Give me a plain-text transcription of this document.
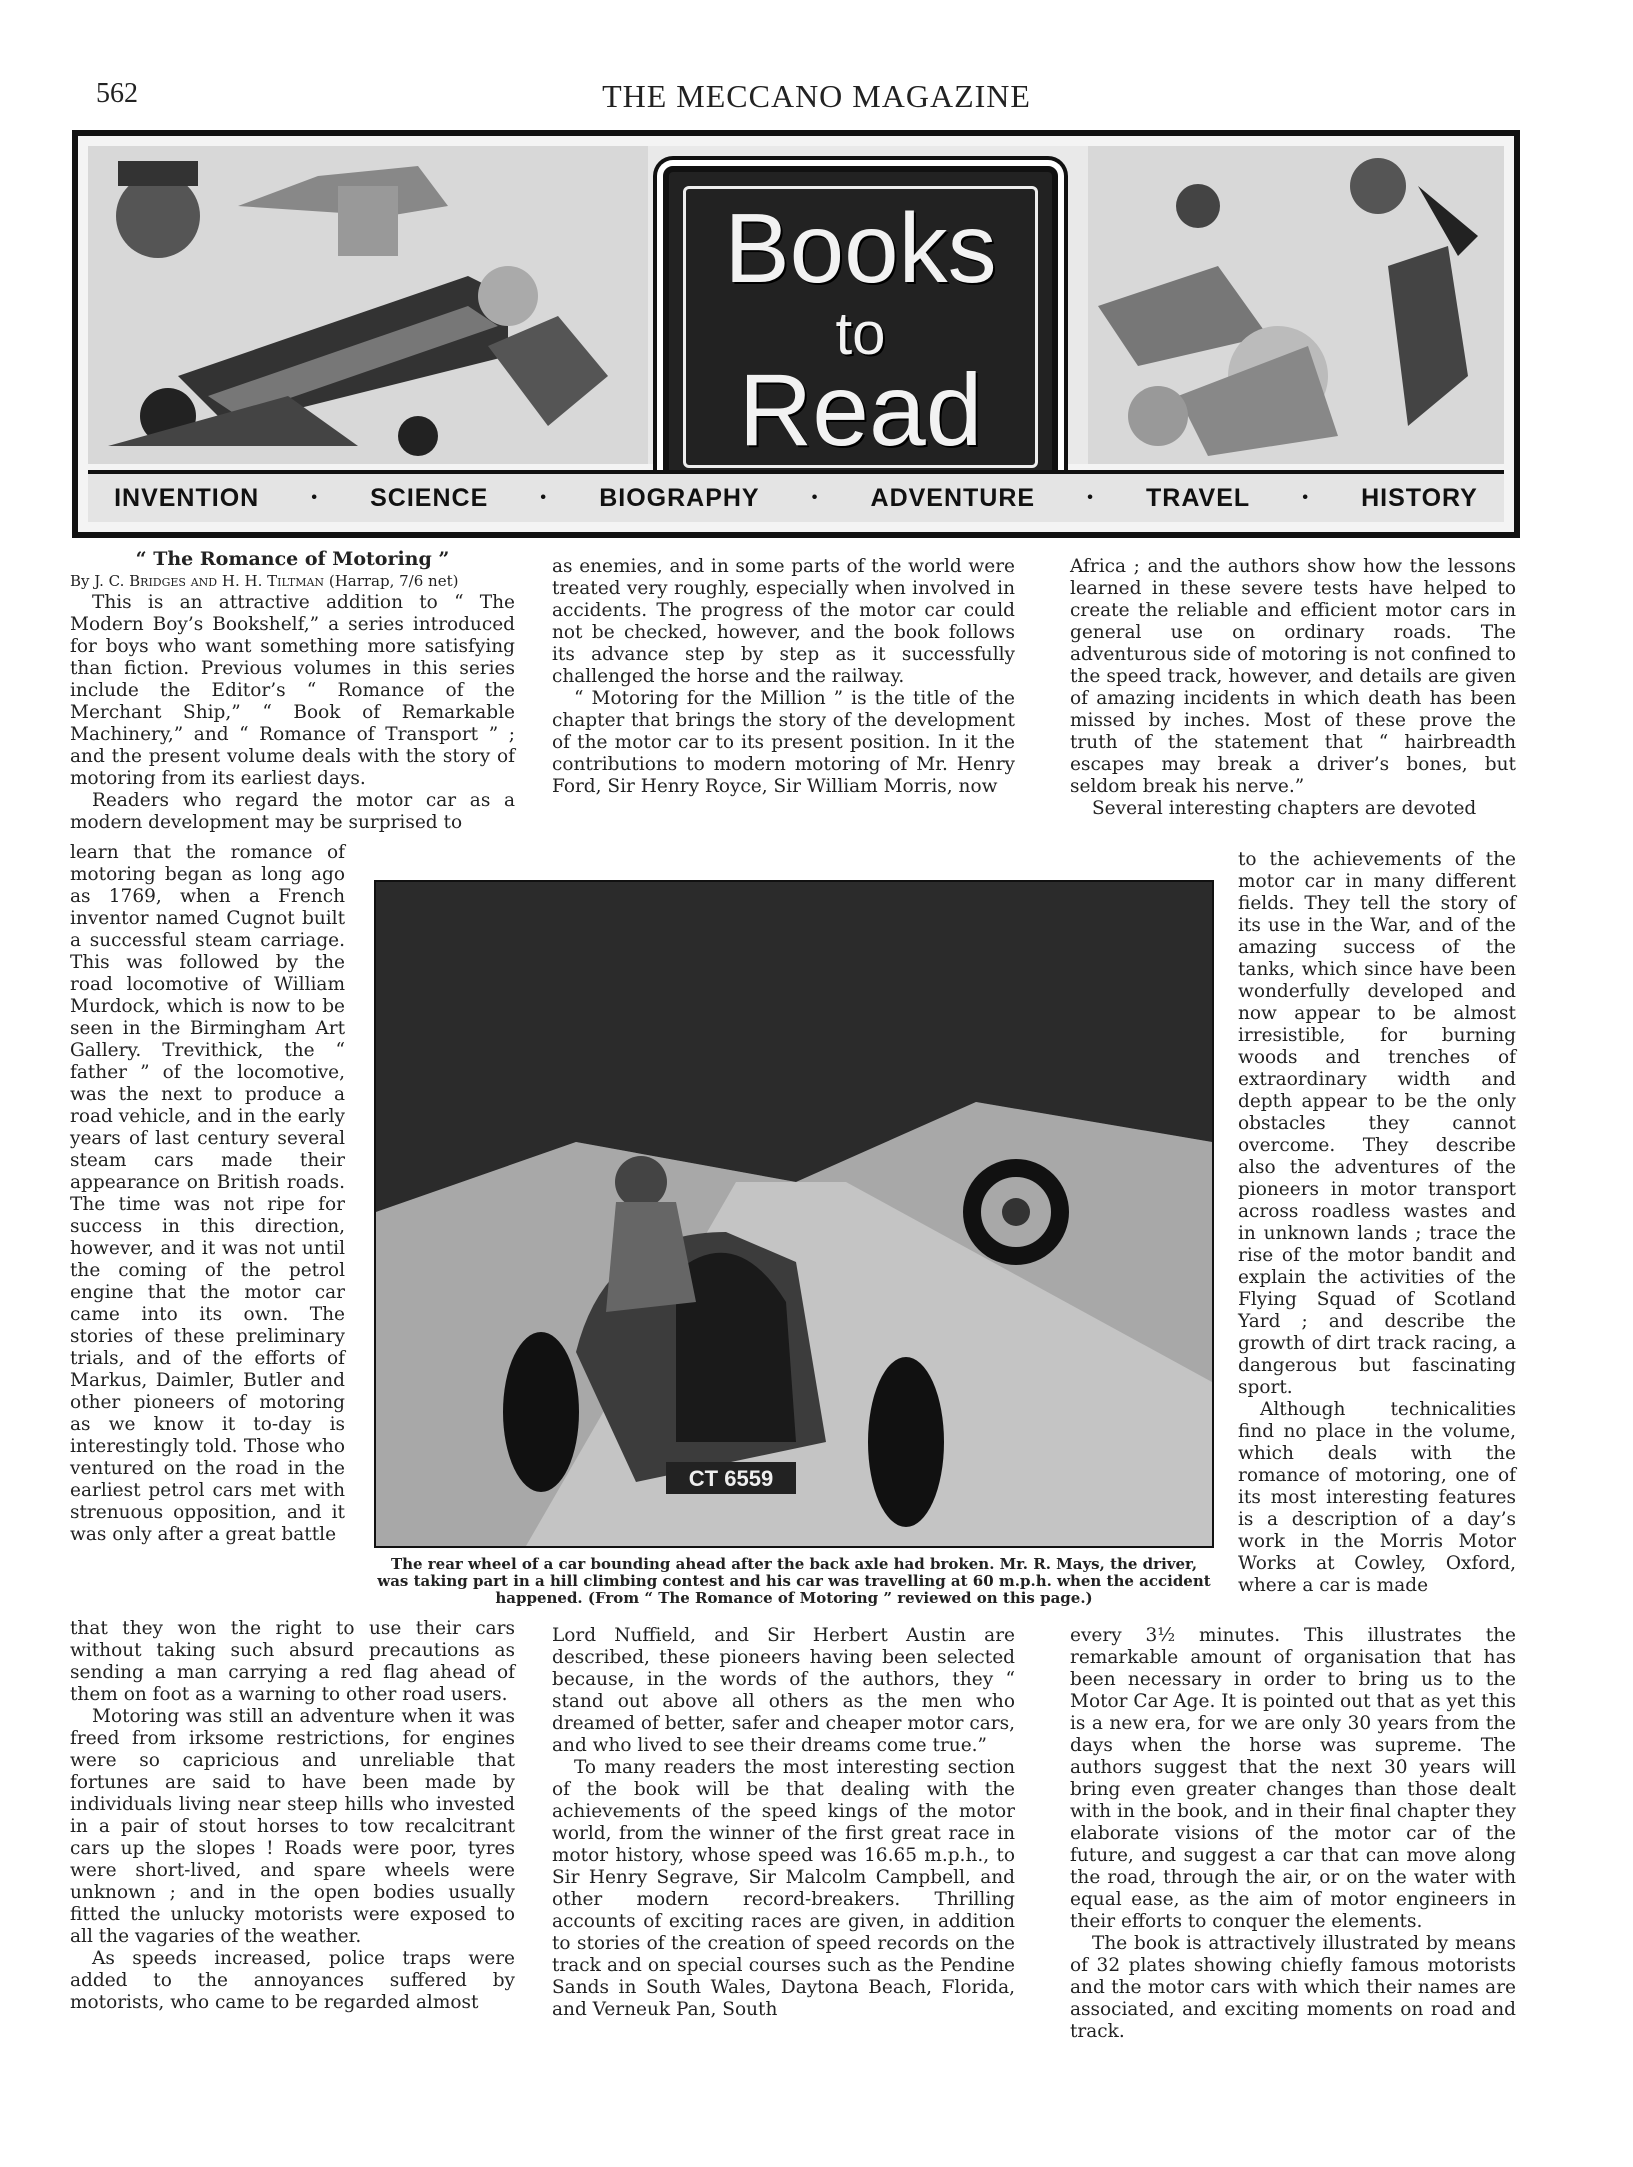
562	THE MECCANO MAGAZINE
Books
to
Read
INVENTION	• SCIENCE	• BIOGRAPHY	• ADVENTURE	• TRAVEL	• HISTORY

“ The Romance of Motoring ”

By J. C. Bridges and H. H. Tiltman (Harrap, 7/6 net)

This is an attractive addition to “ The Modern Boy’s Bookshelf,” a series introduced for boys who want something more satisfying than fiction. Previous volumes in this series include the Editor’s “ Romance of the Merchant Ship,” “ Book of Remarkable Machinery,” and “ Romance of Transport ” ; and the present volume deals with the story of motoring from its earliest days.

Readers who regard the motor car as a modern development may be surprised to

learn that the romance of motoring began as long ago as 1769, when a French inventor named Cugnot built a successful steam carriage. This was followed by the road locomotive of William Murdock, which is now to be seen in the Birmingham Art Gallery. Trevithick, the “ father ” of the locomotive, was the next to produce a road vehicle, and in the early years of last century several steam cars made their appearance on British roads. The time was not ripe for success in this direction, however, and it was not until the coming of the petrol engine that the motor car came into its own. The stories of these preliminary trials, and of the efforts of Markus, Daimler, Butler and other pioneers of motoring as we know it to-day is interestingly told. Those who ventured on the road in the earliest petrol cars met with strenuous opposition, and it was only after a great battle

that they won the right to use their cars without taking such absurd precautions as sending a man carrying a red flag ahead of them on foot as a warning to other road users.

Motoring was still an adventure when it was freed from irksome restrictions, for engines were so capricious and unreliable that fortunes are said to have been made by individuals living near steep hills who invested in a pair of stout horses to tow recalcitrant cars up the slopes ! Roads were poor, tyres were short-lived, and spare wheels were unknown ; and in the open bodies usually fitted the unlucky motorists were exposed to all the vagaries of the weather.

As speeds increased, police traps were added to the annoyances suffered by motorists, who came to be regarded almost

as enemies, and in some parts of the world were treated very roughly, especially when involved in accidents. The progress of the motor car could not be checked, however, and the book follows its advance step by step as it successfully challenged the horse and the railway.

“ Motoring for the Million ” is the title of the chapter that brings the story of the development of the motor car to its present position. In it the contributions to modern motoring of Mr. Henry Ford, Sir Henry Royce, Sir William Morris, now

CT 6559
The rear wheel of a car bounding ahead after the back axle had broken. Mr. R. Mays, the driver, was taking part in a hill climbing contest and his car was travelling at 60 m.p.h. when the accident happened. (From “ The Romance of Motoring ” reviewed on this page.)

Lord Nuffield, and Sir Herbert Austin are described, these pioneers having been selected because, in the words of the authors, they “ stand out above all others as the men who dreamed of better, safer and cheaper motor cars, and who lived to see their dreams come true.”

To many readers the most interesting section of the book will be that dealing with the achievements of the speed kings of the motor world, from the winner of the first great race in motor history, whose speed was 16.65 m.p.h., to Sir Henry Segrave, Sir Malcolm Campbell, and other modern record-breakers. Thrilling accounts of exciting races are given, in addition to stories of the creation of speed records on the track and on special courses such as the Pendine Sands in South Wales, Daytona Beach, Florida, and Verneuk Pan, South

Africa ; and the authors show how the lessons learned in these severe tests have helped to create the reliable and efficient motor cars in general use on ordinary roads. The adventurous side of motoring is not confined to the speed track, however, and details are given of amazing incidents in which death has been missed by inches. Most of these prove the truth of the statement that “ hairbreadth escapes may break a driver’s bones, but seldom break his nerve.”

Several interesting chapters are devoted

to the achievements of the motor car in many different fields. They tell the story of its use in the War, and of the amazing success of the tanks, which since have been wonderfully developed and now appear to be almost irresistible, for burning woods and trenches of extraordinary width and depth appear to be the only obstacles they cannot overcome. They describe also the adventures of the pioneers in motor transport across roadless wastes and in unknown lands ; trace the rise of the motor bandit and explain the activities of the Flying Squad of Scotland Yard ; and describe the growth of dirt track racing, a dangerous but fascinating sport.

Although technicalities find no place in the volume, which deals with the romance of motoring, one of its most interesting features is a description of a day’s work in the Morris Motor Works at Cowley, Oxford, where a car is made

every 3½ minutes. This illustrates the remarkable amount of organisation that has been necessary in order to bring us to the Motor Car Age. It is pointed out that as yet this is a new era, for we are only 30 years from the days when the horse was supreme. The authors suggest that the next 30 years will bring even greater changes than those dealt with in the book, and in their final chapter they elaborate visions of the motor car of the future, and suggest a car that can move along the road, through the air, or on the water with equal ease, as the aim of motor engineers in their efforts to conquer the elements.

The book is attractively illustrated by means of 32 plates showing chiefly famous motorists and the motor cars with which their names are associated, and exciting moments on road and track.
